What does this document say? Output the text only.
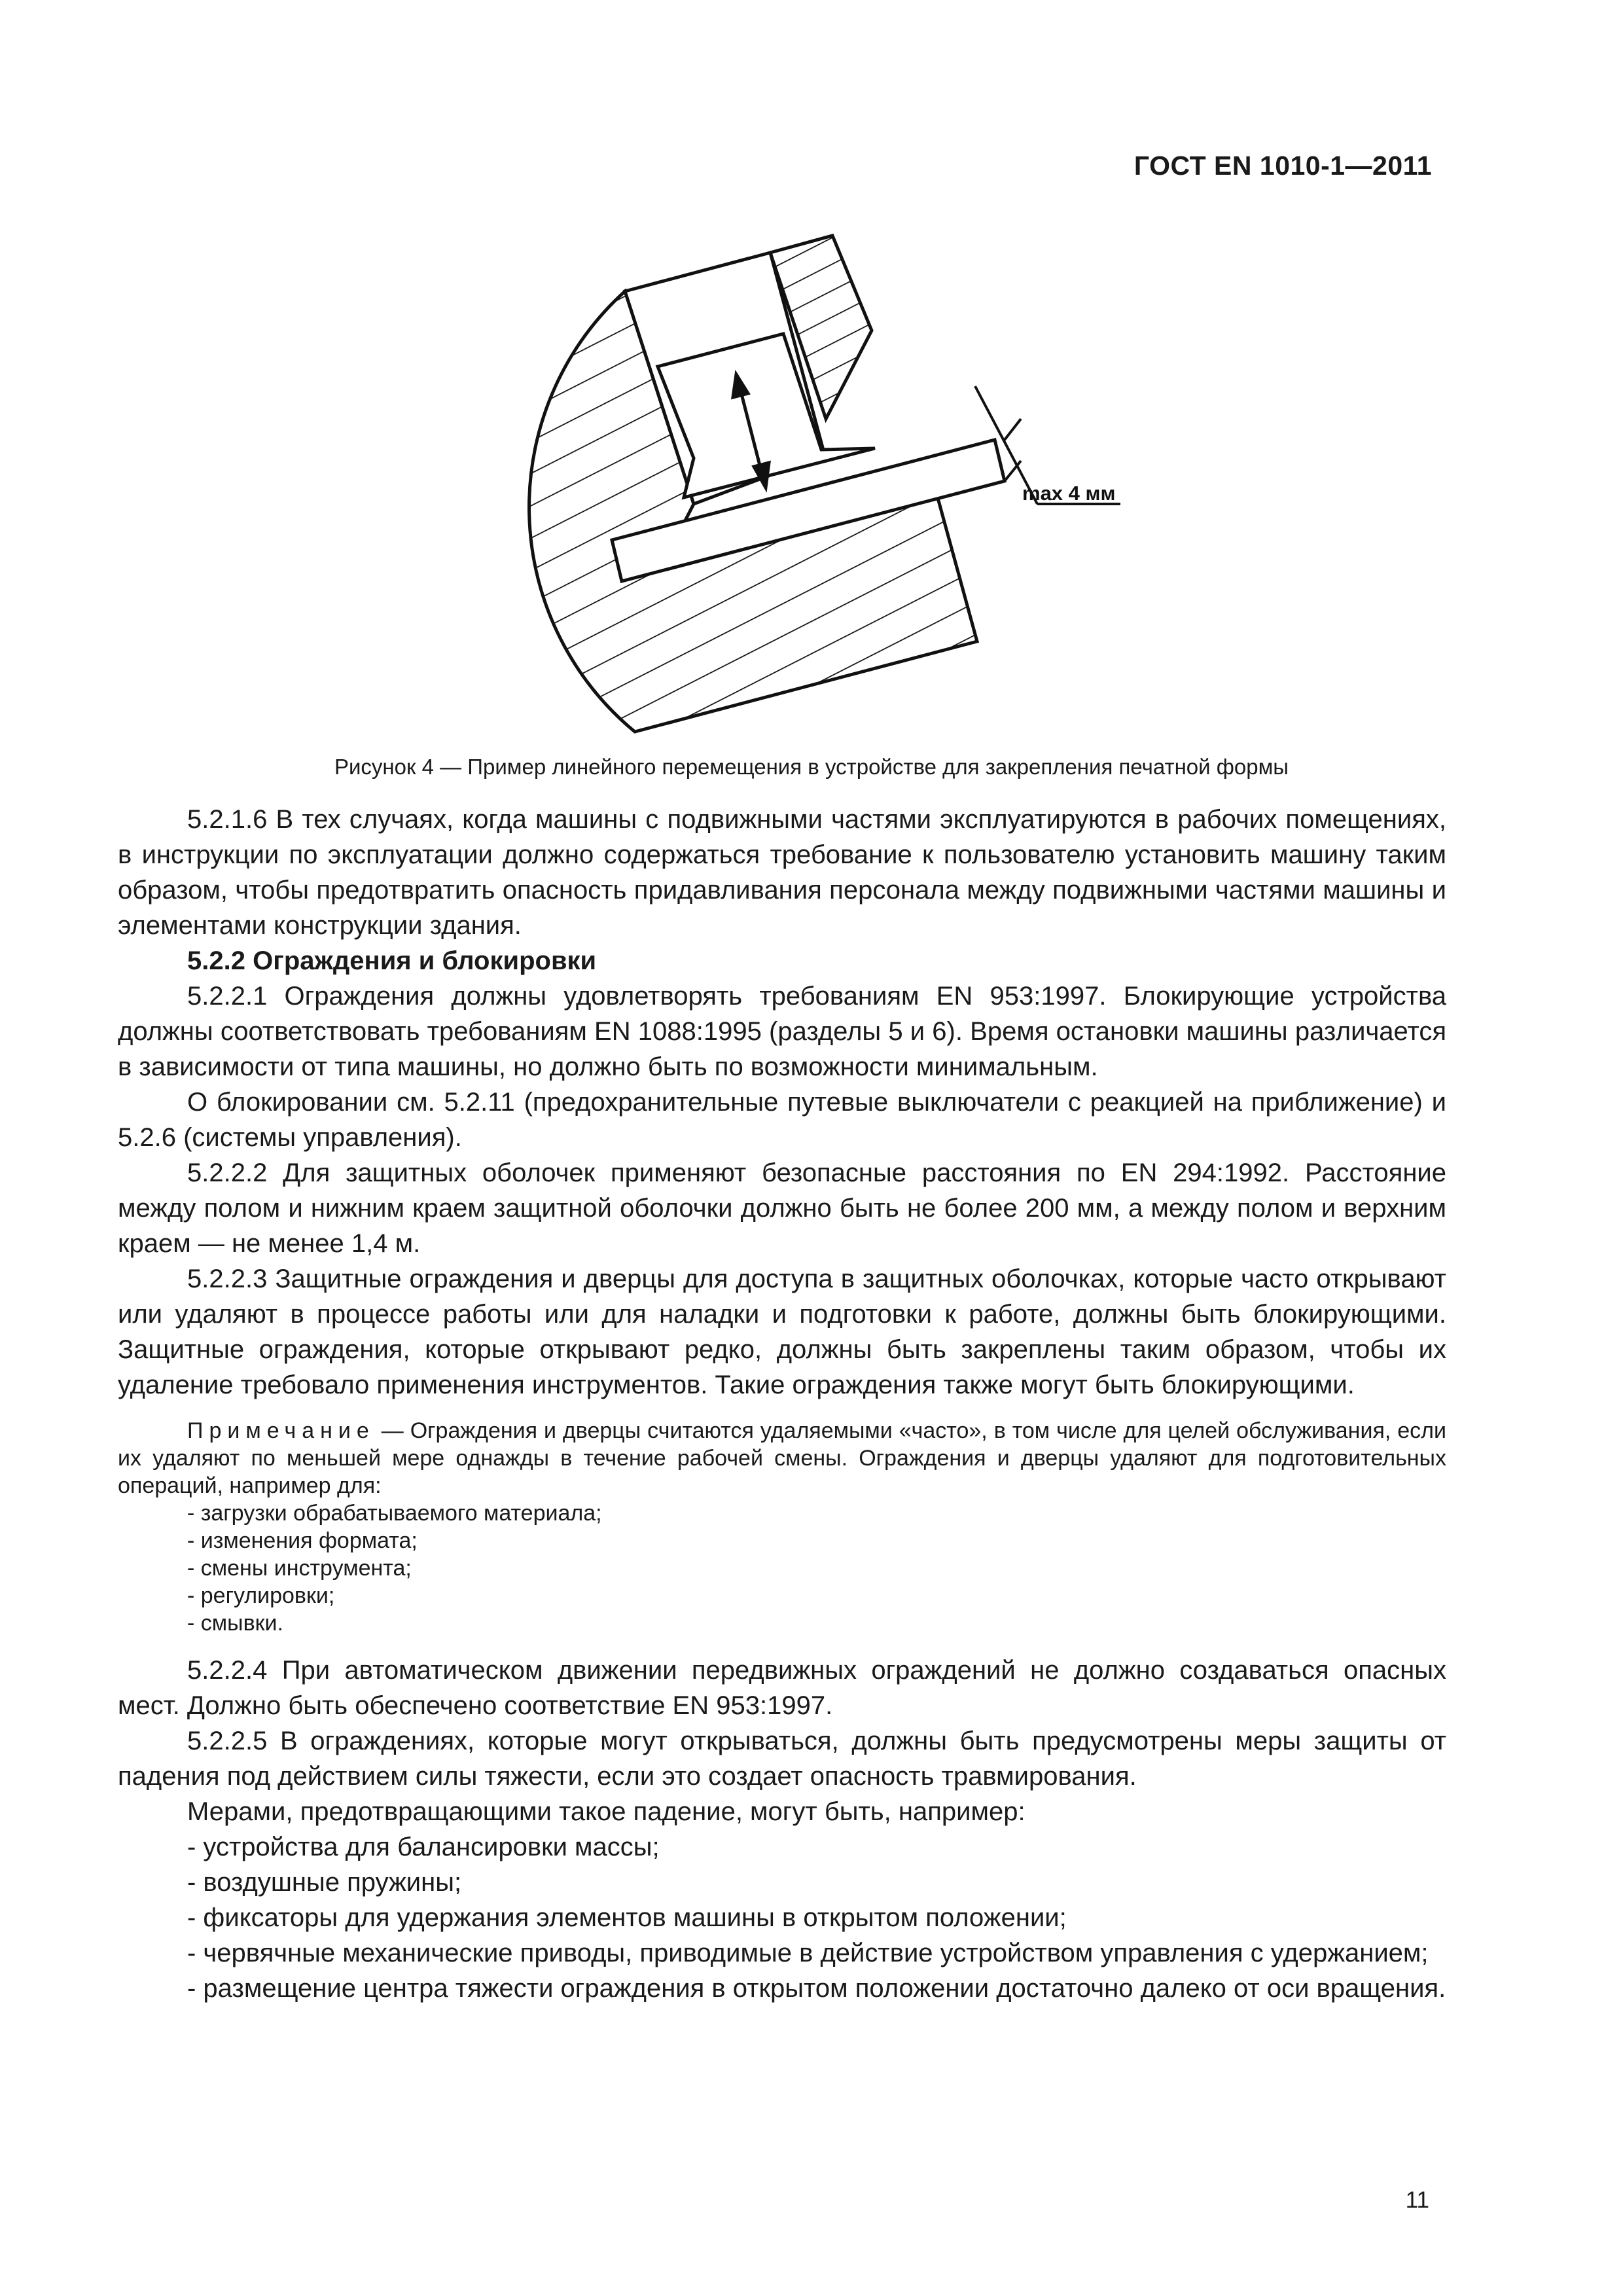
ГОСТ EN 1010-1—2011
max 4 мм
Рисунок 4 — Пример линейного перемещения в устройстве для закрепления печатной формы

5.2.1.6 В тех случаях, когда машины с подвижными частями эксплуатируются в рабочих помещениях, в инструкции по эксплуатации должно содержаться требование к пользователю установить машину таким образом, чтобы предотвратить опасность придавливания персонала между подвижными частями машины и элементами конструкции здания.

5.2.2 Ограждения и блокировки

5.2.2.1 Ограждения должны удовлетворять требованиям EN 953:1997. Блокирующие устройства должны соответствовать требованиям EN 1088:1995 (разделы 5 и 6). Время остановки машины различается в зависимости от типа машины, но должно быть по возможности минимальным.

О блокировании см. 5.2.11 (предохранительные путевые выключатели с реакцией на приближение) и 5.2.6 (системы управления).

5.2.2.2 Для защитных оболочек применяют безопасные расстояния по EN 294:1992. Расстояние между полом и нижним краем защитной оболочки должно быть не более 200 мм, а между полом и верхним краем — не менее 1,4 м.

5.2.2.3 Защитные ограждения и дверцы для доступа в защитных оболочках, которые часто открывают или удаляют в процессе работы или для наладки и подготовки к работе, должны быть блокирующими. Защитные ограждения, которые открывают редко, должны быть закреплены таким образом, чтобы их удаление требовало применения инструментов. Такие ограждения также могут быть блокирующими.

Примечание — Ограждения и дверцы считаются удаляемыми «часто», в том числе для целей обслуживания, если их удаляют по меньшей мере однажды в течение рабочей смены. Ограждения и дверцы удаляют для подготовительных операций, например для:

- загрузки обрабатываемого материала;

- изменения формата;

- смены инструмента;

- регулировки;

- смывки.

5.2.2.4 При автоматическом движении передвижных ограждений не должно создаваться опасных мест. Должно быть обеспечено соответствие EN 953:1997.

5.2.2.5 В ограждениях, которые могут открываться, должны быть предусмотрены меры защиты от падения под действием силы тяжести, если это создает опасность травмирования.

Мерами, предотвращающими такое падение, могут быть, например:

- устройства для балансировки массы;

- воздушные пружины;

- фиксаторы для удержания элементов машины в открытом положении;

- червячные механические приводы, приводимые в действие устройством управления с удержанием;

- размещение центра тяжести ограждения в открытом положении достаточно далеко от оси вращения.

11
